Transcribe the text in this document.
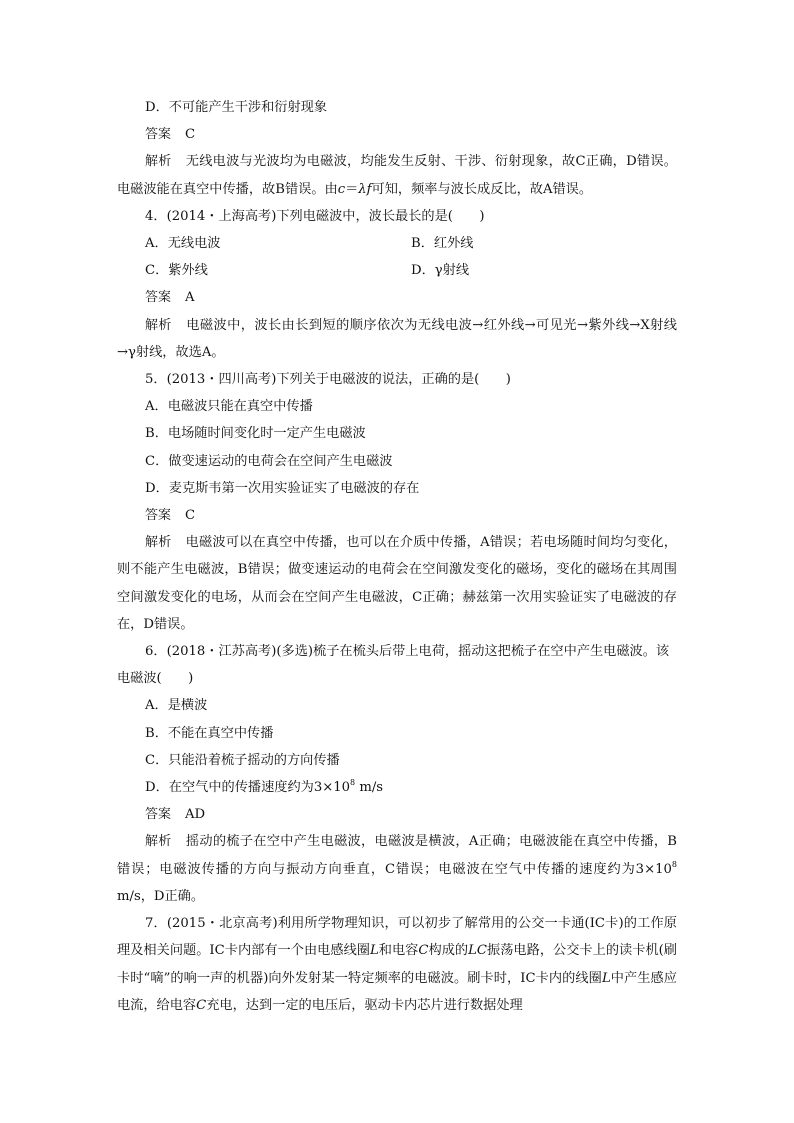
D．不可能产生干涉和衍射现象

答案 C

解析 无线电波与光波均为电磁波，均能发生反射、干涉、衍射现象，故C正确，D错误。电磁波能在真空中传播，故B错误。由c＝λf可知，频率与波长成反比，故A错误。

4．(2014・上海高考)下列电磁波中，波长最长的是(　　)

A．无线电波	B．红外线
C．紫外线	D．γ射线

答案 A

解析 电磁波中，波长由长到短的顺序依次为无线电波→红外线→可见光→紫外线→X射线→γ射线，故选A。

5．(2013・四川高考)下列关于电磁波的说法，正确的是(　　)

A．电磁波只能在真空中传播

B．电场随时间变化时一定产生电磁波

C．做变速运动的电荷会在空间产生电磁波

D．麦克斯韦第一次用实验证实了电磁波的存在

答案 C

解析 电磁波可以在真空中传播，也可以在介质中传播，A错误；若电场随时间均匀变化，则不能产生电磁波，B错误；做变速运动的电荷会在空间激发变化的磁场，变化的磁场在其周围空间激发变化的电场，从而会在空间产生电磁波，C正确；赫兹第一次用实验证实了电磁波的存在，D错误。

6．(2018・江苏高考)(多选)梳子在梳头后带上电荷，摇动这把梳子在空中产生电磁波。该电磁波(　　)

A．是横波

B．不能在真空中传播

C．只能沿着梳子摇动的方向传播

D．在空气中的传播速度约为$3\times 10^8$ m/s

答案 AD

解析 摇动的梳子在空中产生电磁波，电磁波是横波，A正确；电磁波能在真空中传播，B错误；电磁波传播的方向与振动方向垂直，C错误；电磁波在空气中传播的速度约为$3\times 10^8$ m/s，D正确。

7．(2015・北京高考)利用所学物理知识，可以初步了解常用的公交一卡通(IC卡)的工作原理及相关问题。IC卡内部有一个由电感线圈L和电容C构成的LC振荡电路，公交卡上的读卡机(刷卡时“嘀”的响一声的机器)向外发射某一特定频率的电磁波。刷卡时，IC卡内的线圈L中产生感应电流，给电容C充电，达到一定的电压后，驱动卡内芯片进行数据处理
